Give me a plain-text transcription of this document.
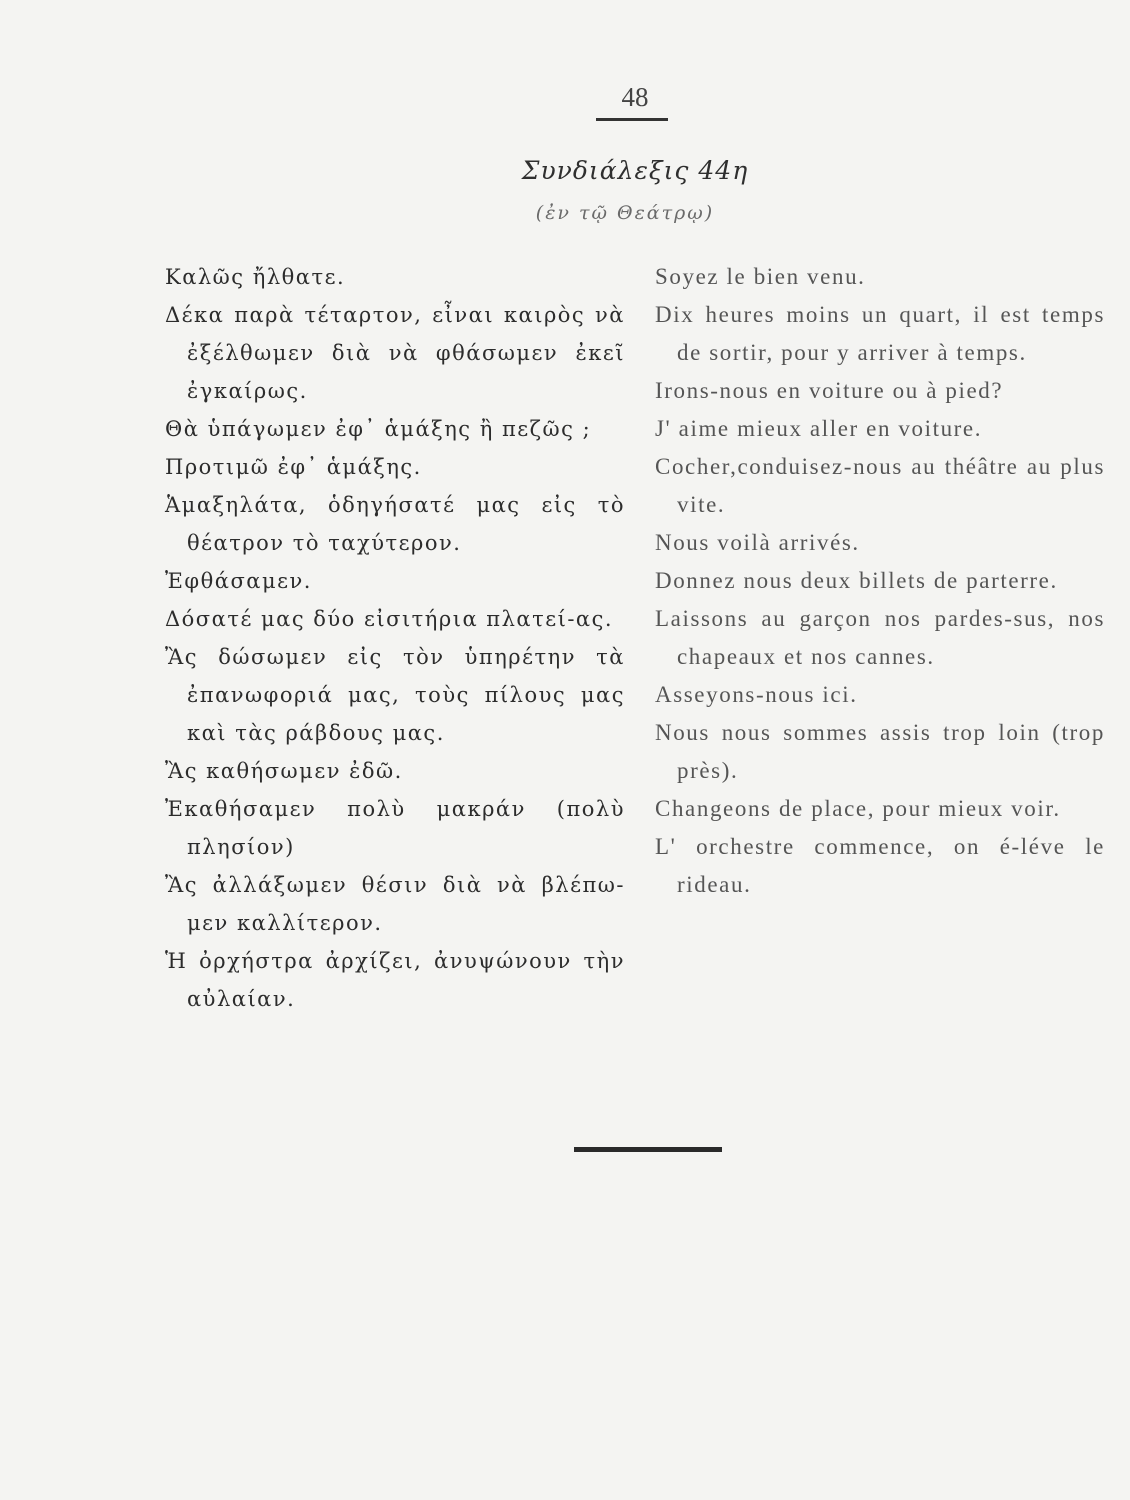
48
Συνδιάλεξις 44η
(ἐν τῷ Θεάτρῳ)

Καλῶς ἤλθατε.

Δέκα παρὰ τέταρτον, εἶναι καιρὸς νὰ ἐξέλθωμεν διὰ νὰ φθάσωμεν ἐκεῖ ἐγκαίρως.

Θὰ ὑπάγωμεν ἐφ᾽ ἁμάξης ἢ πεζῶς ;

Προτιμῶ ἐφ᾽ ἁμάξης.

Ἁμαξηλάτα, ὁδηγήσατέ μας εἰς τὸ θέατρον τὸ ταχύτερον.

Ἐφθάσαμεν.

Δόσατέ μας δύο εἰσιτήρια πλατεί-ας.

Ἂς δώσωμεν εἰς τὸν ὑπηρέτην τὰ ἐπανωφοριά μας, τοὺς πίλους μας καὶ τὰς ράβδους μας.

Ἂς καθήσωμεν ἐδῶ.

Ἐκαθήσαμεν πολὺ μακράν (πολὺ πλησίον)

Ἂς ἀλλάξωμεν θέσιν διὰ νὰ βλέπω-μεν καλλίτερον.

Ἡ ὀρχήστρα ἀρχίζει, ἀνυψώνουν τὴν αὐλαίαν.

Soyez le bien venu.

Dix heures moins un quart, il est temps de sortir, pour y arriver à temps.

Irons-nous en voiture ou à pied?

J' aime mieux aller en voiture.

Cocher,conduisez-nous au théâtre au plus vite.

Nous voilà arrivés.

Donnez nous deux billets de parterre.

Laissons au garçon nos pardes-sus, nos chapeaux et nos cannes.

Asseyons-nous ici.

Nous nous sommes assis trop loin (trop près).

Changeons de place, pour mieux voir.

L' orchestre commence, on é-léve le rideau.
